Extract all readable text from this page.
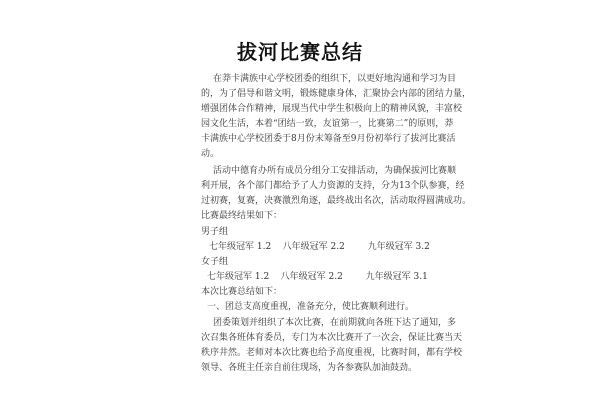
拔河比赛总结
在莽卡满族中心学校团委的组织下，以更好地沟通和学习为目
的，为了倡导和谐文明，锻炼健康身体，汇聚协会内部的团结力量，
增强团体合作精神，展现当代中学生积极向上的精神风貌，丰富校
园文化生活，本着“团结一致，友谊第一，比赛第二”的原则，莽
卡满族中心学校团委于8月份末筹备至9月份初举行了拔河比赛活
动。
活动中德育办所有成员分组分工安排活动，为确保拔河比赛顺
利开展，各个部门都给予了人力资源的支持，分为13个队参赛，经
过初赛，复赛，决赛激烈角逐，最终战出名次，活动取得圆满成功。
比赛最终结果如下：
男子组
七年级冠军 1.2    八年级冠军 2.2        九年级冠军 3.2
女子组
七年级冠军 1.2    八年级冠军 2.2        九年级冠军 3.1
本次比赛总结如下：
一、团总支高度重视，准备充分，使比赛顺利进行。
团委策划并组织了本次比赛，在前期就向各班下达了通知，多
次召集各班体育委员，专门为本次比赛开了一次会，保证比赛当天
秩序井然。老师对本次比赛也给予高度重视，比赛时间，都有学校
领导、各班主任亲自前往现场，为各参赛队加油鼓劲。
